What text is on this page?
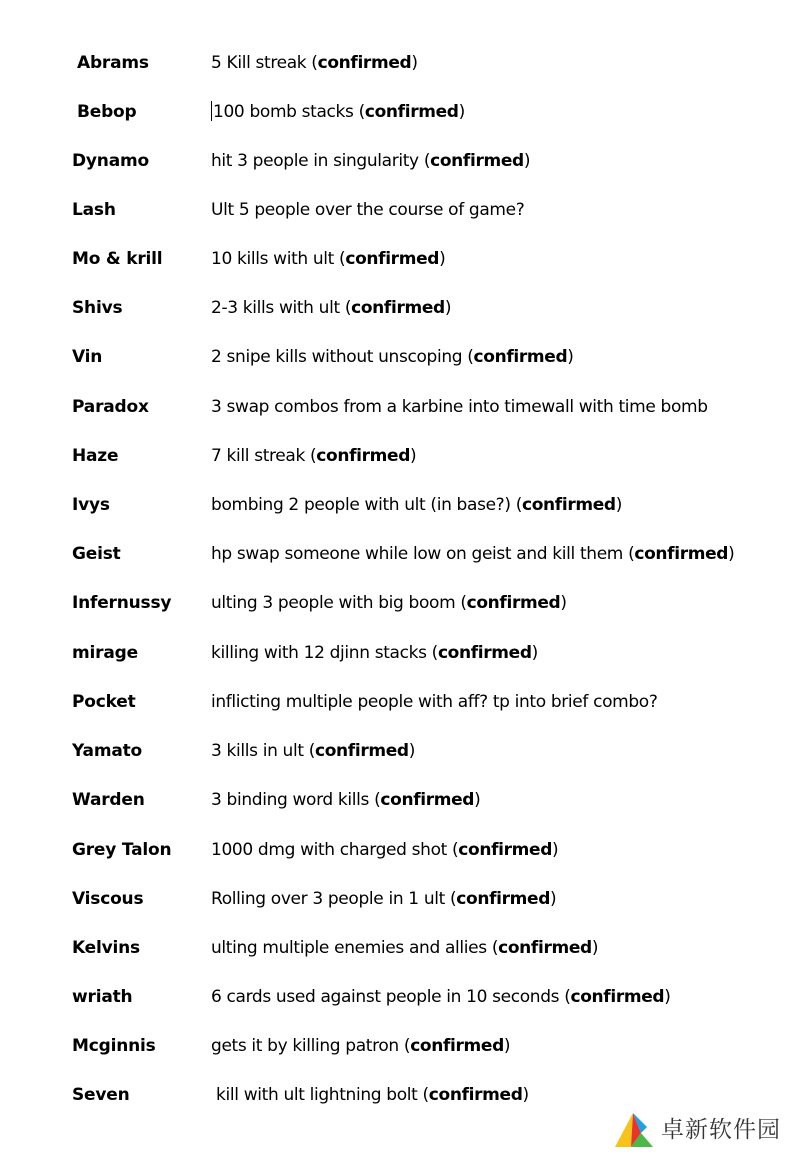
Abrams	5 Kill streak (confirmed)
Bebop	100 bomb stacks (confirmed)
Dynamo	hit 3 people in singularity (confirmed)
Lash	Ult 5 people over the course of game?
Mo & krill	10 kills with ult (confirmed)
Shivs	2-3 kills with ult (confirmed)
Vin	2 snipe kills without unscoping (confirmed)
Paradox	3 swap combos from a karbine into timewall with time bomb
Haze	7 kill streak (confirmed)
Ivys	bombing 2 people with ult (in base?) (confirmed)
Geist	hp swap someone while low on geist and kill them (confirmed)
Infernussy ulting 3 people with big boom (confirmed)
mirage	killing with 12 djinn stacks (confirmed)
Pocket	inflicting multiple people with aff? tp into brief combo?
Yamato	3 kills in ult (confirmed)
Warden	3 binding word kills (confirmed)
Grey Talon 1000 dmg with charged shot (confirmed)
Viscous	Rolling over 3 people in 1 ult (confirmed)
Kelvins	ulting multiple enemies and allies (confirmed)
wriath	6 cards used against people in 10 seconds (confirmed)
Mcginnis	gets it by killing patron (confirmed)
Seven	kill with ult lightning bolt (confirmed)
卓新软件园
